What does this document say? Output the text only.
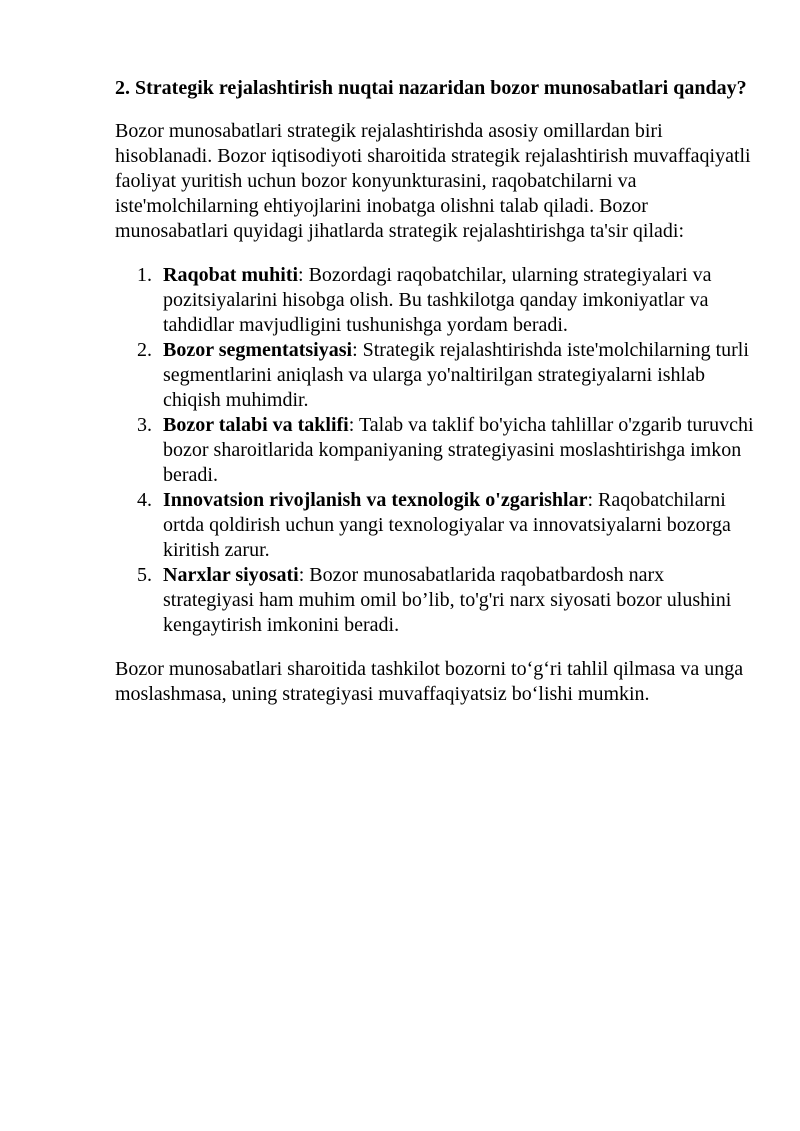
2. Strategik rejalashtirish nuqtai nazaridan bozor munosabatlari qanday?

Bozor munosabatlari strategik rejalashtirishda asosiy omillardan biri hisoblanadi. Bozor iqtisodiyoti sharoitida strategik rejalashtirish muvaffaqiyatli faoliyat yuritish uchun bozor konyunkturasini, raqobatchilarni va iste'molchilarning ehtiyojlarini inobatga olishni talab qiladi. Bozor munosabatlari quyidagi jihatlarda strategik rejalashtirishga ta'sir qiladi:

1. Raqobat muhiti: Bozordagi raqobatchilar, ularning strategiyalari va pozitsiyalarini hisobga olish. Bu tashkilotga qanday imkoniyatlar va tahdidlar mavjudligini tushunishga yordam beradi.
2. Bozor segmentatsiyasi: Strategik rejalashtirishda iste'molchilarning turli segmentlarini aniqlash va ularga yo'naltirilgan strategiyalarni ishlab chiqish muhimdir.
3. Bozor talabi va taklifi: Talab va taklif bo'yicha tahlillar o'zgarib turuvchi bozor sharoitlarida kompaniyaning strategiyasini moslashtirishga imkon beradi.
4. Innovatsion rivojlanish va texnologik o'zgarishlar: Raqobatchilarni ortda qoldirish uchun yangi texnologiyalar va innovatsiyalarni bozorga kiritish zarur.
5. Narxlar siyosati: Bozor munosabatlarida raqobatbardosh narx strategiyasi ham muhim omil bo’lib, to'g'ri narx siyosati bozor ulushini kengaytirish imkonini beradi.

Bozor munosabatlari sharoitida tashkilot bozorni to‘g‘ri tahlil qilmasa va unga moslashmasa, uning strategiyasi muvaffaqiyatsiz bo‘lishi mumkin.
